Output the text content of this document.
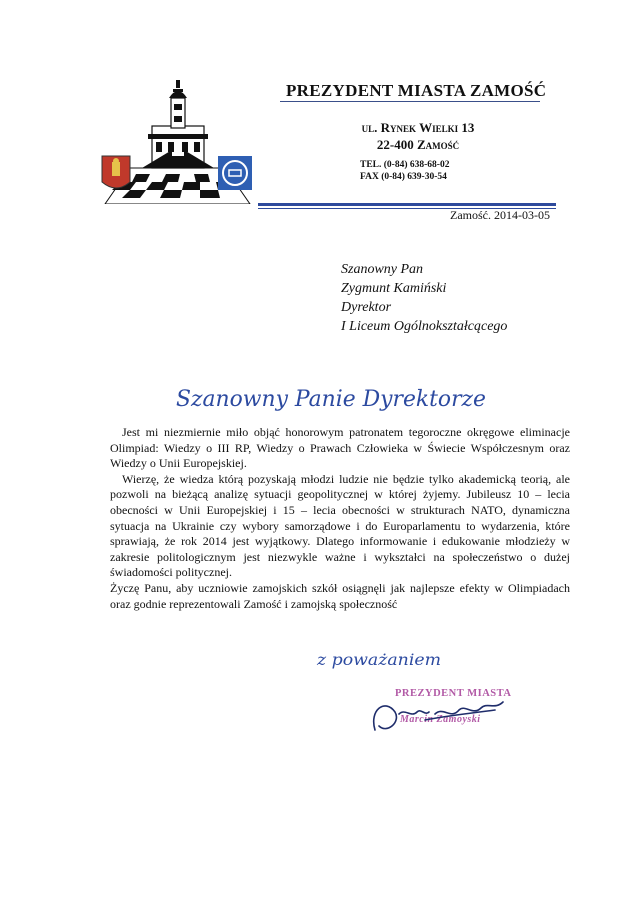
PREZYDENT MIASTA ZAMOŚĆ
ul. Rynek Wielki 13
22-400 Zamość
TEL. (0-84) 638-68-02
FAX (0-84) 639-30-54
Zamość. 2014-03-05
Szanowny Pan
Zygmunt Kamiński
Dyrektor
I Liceum Ogólnokształcącego
Szanowny Panie Dyrektorze

Jest mi niezmiernie miło objąć honorowym patronatem tegoroczne okręgowe eliminacje Olimpiad: Wiedzy o III RP, Wiedzy o Prawach Człowieka w Świecie Współczesnym oraz Wiedzy o Unii Europejskiej.

Wierzę, że wiedza którą pozyskają młodzi ludzie nie będzie tylko akademicką teorią, ale pozwoli na bieżącą analizę sytuacji geopolitycznej w której żyjemy. Jubileusz 10 – lecia obecności w Unii Europejskiej i 15 – lecia obecności w strukturach NATO, dynamiczna sytuacja na Ukrainie czy wybory samorządowe i do Europarlamentu to wydarzenia, które sprawiają, że rok 2014 jest wyjątkowy. Dlatego informowanie i edukowanie młodzieży w zakresie politologicznym jest niezwykle ważne i wykształci na społeczeństwo o dużej świadomości politycznej.

Życzę Panu, aby uczniowie zamojskich szkół osiągnęli jak najlepsze efekty w Olimpiadach oraz godnie reprezentowali Zamość i zamojską społeczność

z poważaniem
PREZYDENT MIASTA
Marcin Zamoyski
